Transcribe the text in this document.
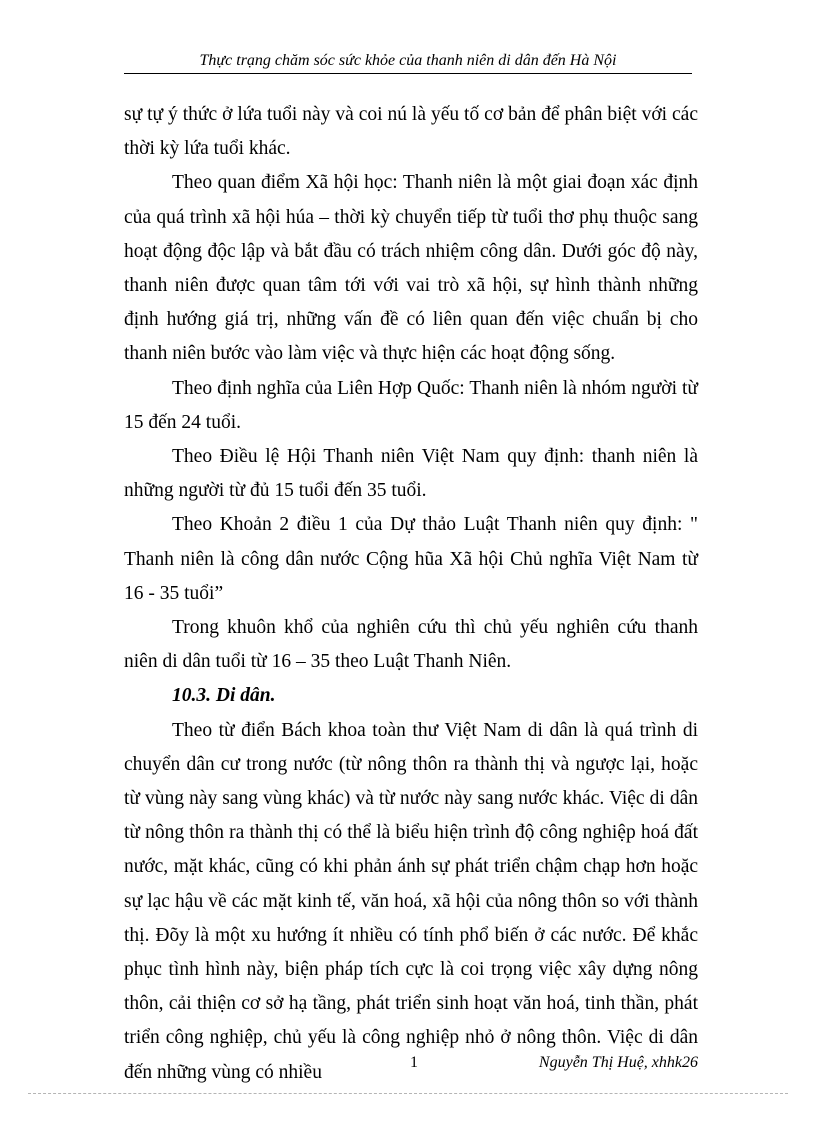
Thực trạng chăm sóc sức khỏe của thanh niên di dân đến Hà Nội

sự tự ý thức ở lứa tuổi này và coi nú là yếu tố cơ bản để phân biệt với các thời kỳ lứa tuổi khác.

Theo quan điểm Xã hội học: Thanh niên là một giai đoạn xác định của quá trình xã hội húa – thời kỳ chuyển tiếp từ tuổi thơ phụ thuộc sang hoạt động độc lập và bắt đầu có trách nhiệm công dân. Dưới góc độ này, thanh niên được quan tâm tới với vai trò xã hội, sự hình thành những định hướng giá trị, những vấn đề có liên quan đến việc chuẩn bị cho thanh niên bước vào làm việc và thực hiện các hoạt động sống.

Theo định nghĩa của Liên Hợp Quốc: Thanh niên là nhóm người từ 15 đến 24 tuổi.

Theo Điều lệ Hội Thanh niên Việt Nam quy định: thanh niên là những người từ đủ 15 tuổi đến 35 tuổi.

Theo Khoản 2 điều 1 của Dự thảo Luật Thanh niên quy định: " Thanh niên là công dân nước Cộng hũa Xã hội Chủ nghĩa Việt Nam từ 16 - 35 tuổi”

Trong khuôn khổ của nghiên cứu thì chủ yếu nghiên cứu thanh niên di dân tuổi từ 16 – 35 theo Luật Thanh Niên.

10.3. Di dân.

Theo từ điển Bách khoa toàn thư Việt Nam di dân là quá trình di chuyển dân cư trong nước (từ nông thôn ra thành thị và ngược lại, hoặc từ vùng này sang vùng khác) và từ nước này sang nước khác. Việc di dân từ nông thôn ra thành thị có thể là biểu hiện trình độ công nghiệp hoá đất nước, mặt khác, cũng có khi phản ánh sự phát triển chậm chạp hơn hoặc sự lạc hậu về các mặt kinh tế, văn hoá, xã hội của nông thôn so với thành thị. Đõy là một xu hướng ít nhiều có tính phổ biến ở các nước. Để khắc phục tình hình này, biện pháp tích cực là coi trọng việc xây dựng nông thôn, cải thiện cơ sở hạ tầng, phát triển sinh hoạt văn hoá, tinh thần, phát triển công nghiệp, chủ yếu là công nghiệp nhỏ ở nông thôn. Việc di dân đến những vùng có nhiều	1	Nguyễn Thị Huệ, xhhk26
